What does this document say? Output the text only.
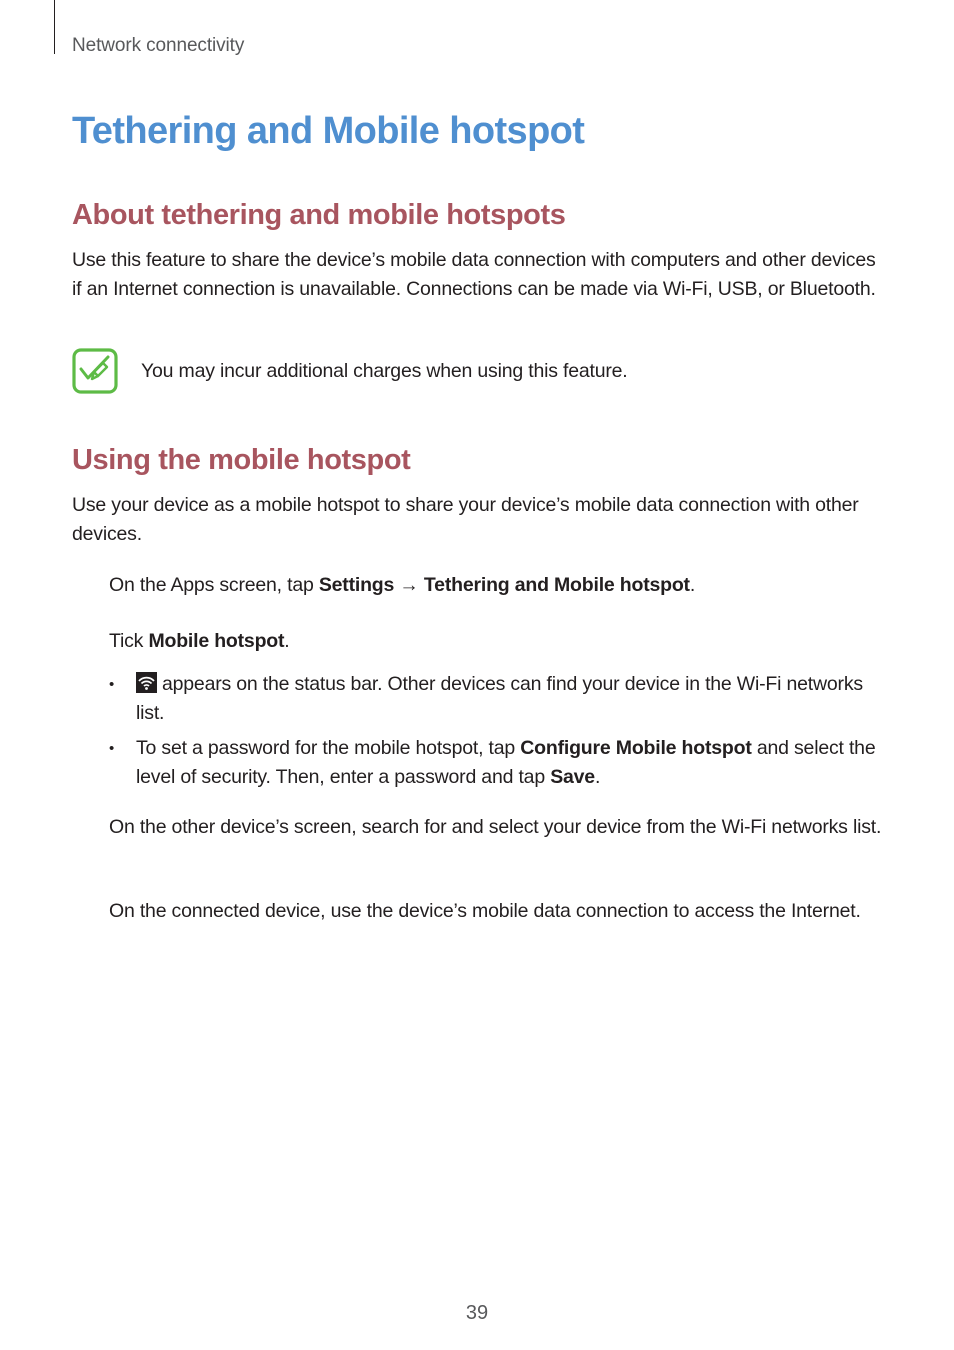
Network connectivity
Tethering and Mobile hotspot
About tethering and mobile hotspots

Use this feature to share the device’s mobile data connection with computers and other devices if an Internet connection is unavailable. Connections can be made via Wi-Fi, USB, or Bluetooth.

You may incur additional charges when using this feature.

Using the mobile hotspot

Use your device as a mobile hotspot to share your device’s mobile data connection with other devices.

On the Apps screen, tap Settings → Tethering and Mobile hotspot.

Tick Mobile hotspot.

•	appears on the status bar. Other devices can find your device in the Wi-Fi networks list.

• To set a password for the mobile hotspot, tap Configure Mobile hotspot and select the level of security. Then, enter a password and tap Save.

On the other device’s screen, search for and select your device from the Wi-Fi networks list.

On the connected device, use the device’s mobile data connection to access the Internet.

39
